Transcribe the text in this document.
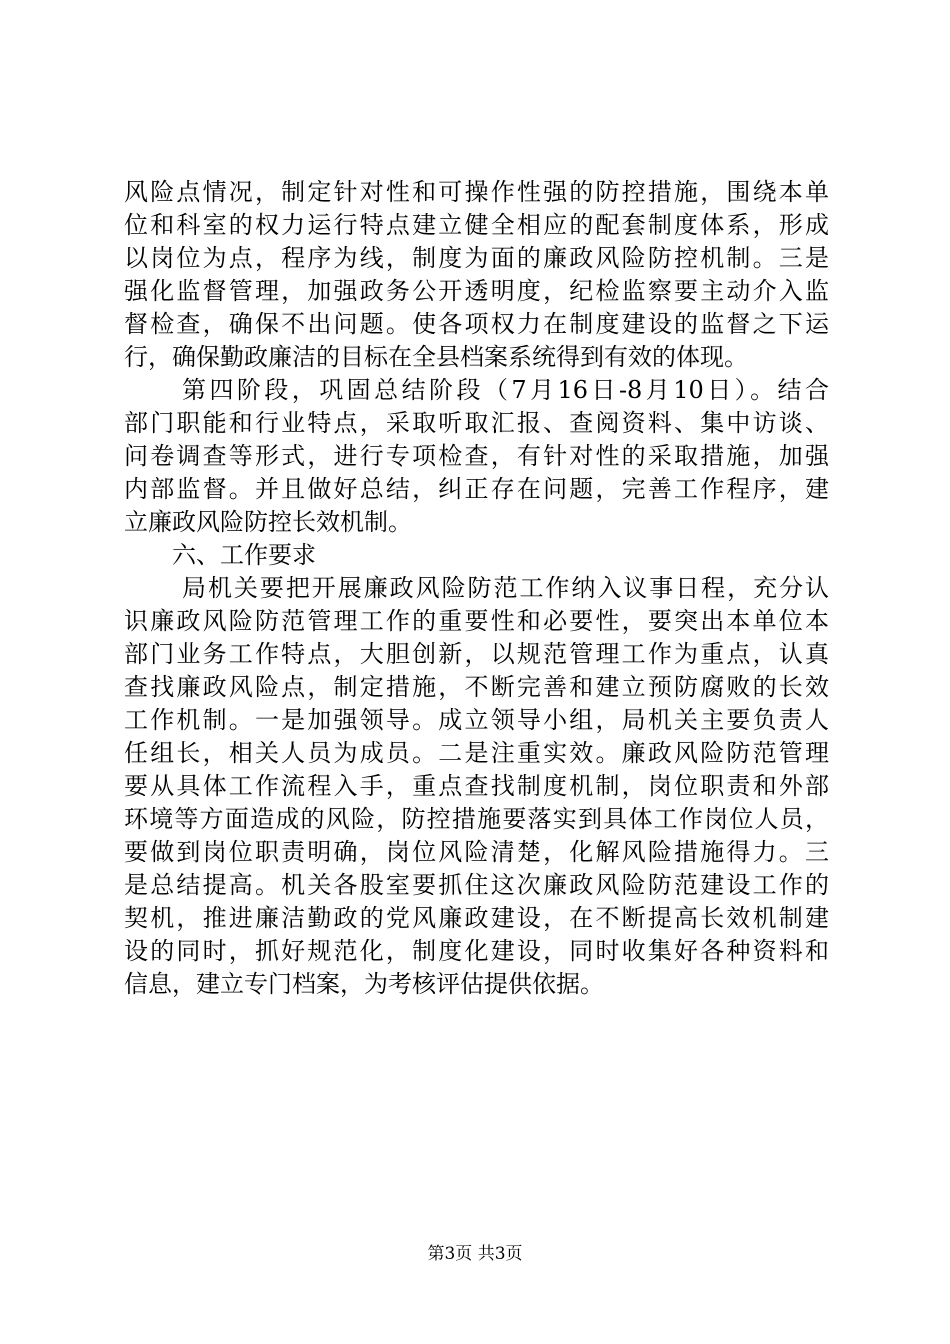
风险点情况，制定针对性和可操作性强的防控措施，围绕本单
位和科室的权力运行特点建立健全相应的配套制度体系，形成
以岗位为点，程序为线，制度为面的廉政风险防控机制。三是
强化监督管理，加强政务公开透明度，纪检监察要主动介入监
督检查，确保不出问题。使各项权力在制度建设的监督之下运
行，确保勤政廉洁的目标在全县档案系统得到有效的体现。
第四阶段，巩固总结阶段（7月16日-8月10日）。结合
部门职能和行业特点，采取听取汇报、查阅资料、集中访谈、
问卷调查等形式，进行专项检查，有针对性的采取措施，加强
内部监督。并且做好总结，纠正存在问题，完善工作程序，建
立廉政风险防控长效机制。
六、工作要求
局机关要把开展廉政风险防范工作纳入议事日程，充分认
识廉政风险防范管理工作的重要性和必要性，要突出本单位本
部门业务工作特点，大胆创新，以规范管理工作为重点，认真
查找廉政风险点，制定措施，不断完善和建立预防腐败的长效
工作机制。一是加强领导。成立领导小组，局机关主要负责人
任组长，相关人员为成员。二是注重实效。廉政风险防范管理
要从具体工作流程入手，重点查找制度机制，岗位职责和外部
环境等方面造成的风险，防控措施要落实到具体工作岗位人员，
要做到岗位职责明确，岗位风险清楚，化解风险措施得力。三
是总结提高。机关各股室要抓住这次廉政风险防范建设工作的
契机，推进廉洁勤政的党风廉政建设，在不断提高长效机制建
设的同时，抓好规范化，制度化建设，同时收集好各种资料和
信息，建立专门档案，为考核评估提供依据。
第3页 共3页
